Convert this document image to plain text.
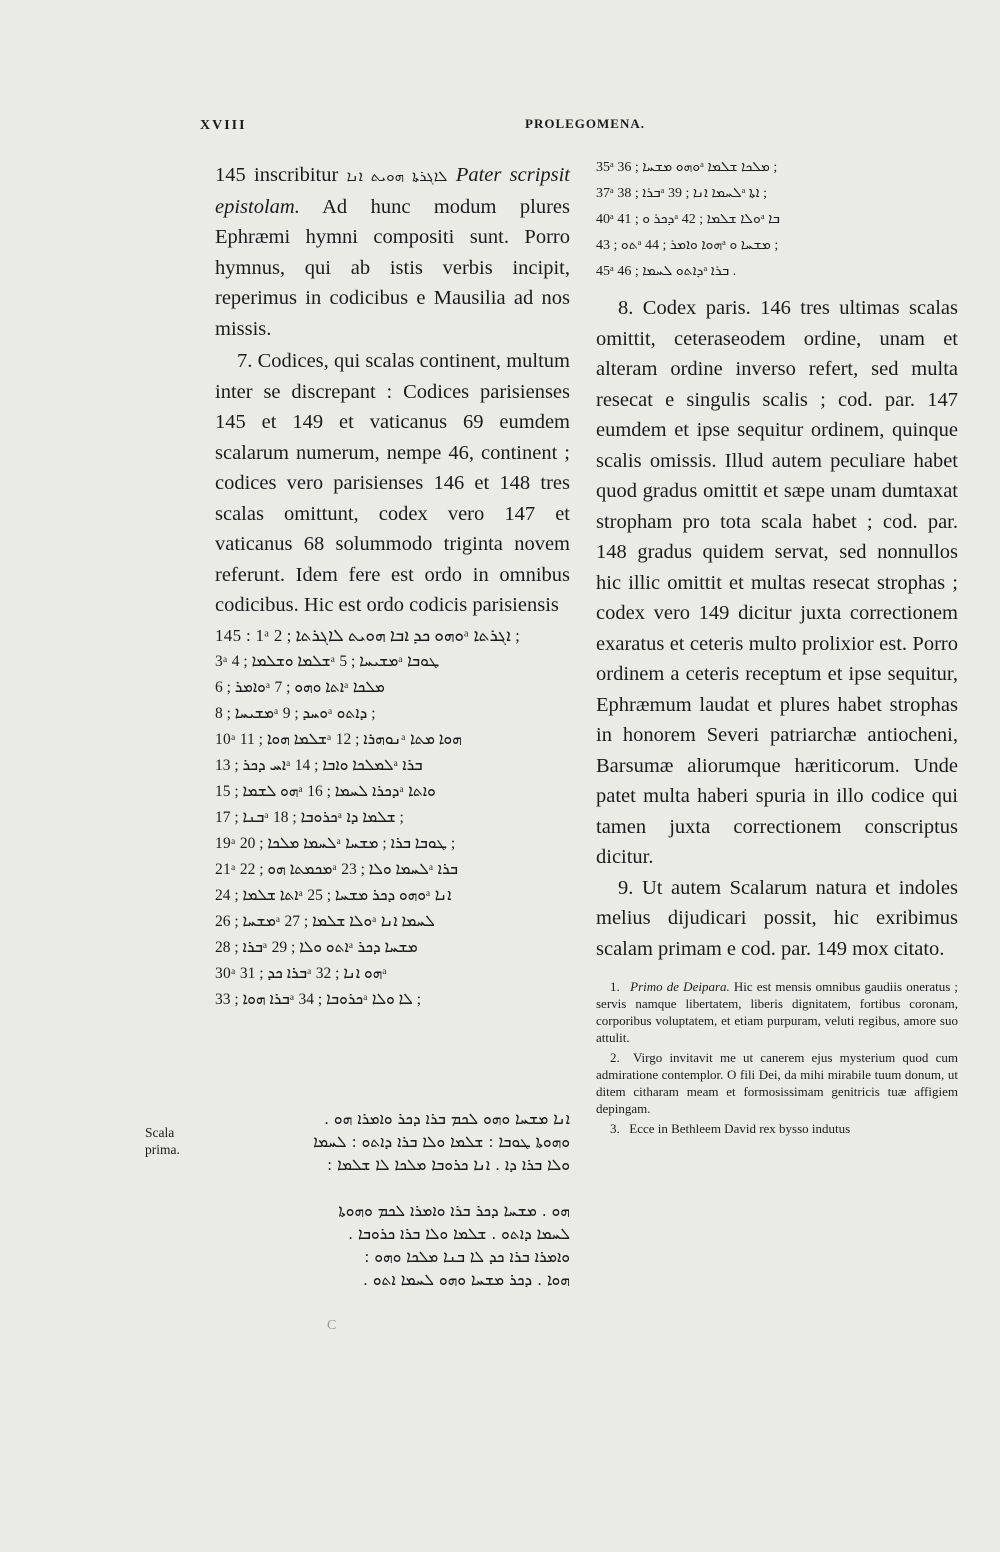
XVIII	PROLEGOMENA.

145 inscribitur ܠܐܓܪܬܐ ܗܘܝܬ ܐܢܐ Pater scripsit epistolam. Ad hunc modum plures Ephræmi hymni compositi sunt. Porro hymnus, qui ab istis verbis incipit, reperimus in codicibus e Mausilia ad nos missis.

7. Codices, qui scalas continent, multum inter se discrepant : Codices parisienses 145 et 149 et vaticanus 69 eumdem scalarum numerum, nempe 46, continent ; codices vero parisienses 146 et 148 tres scalas omittunt, codex vero 147 et vaticanus 68 solummodo triginta novem referunt. Idem fere est ordo in omnibus codicibus. Hic est ordo codicis parisiensis

145 : 1ᵃ ܘܗܘ ܟܕ ܐܒܐ ܗܘܝܬ ܠܐܓܪܬܐ ; 2ᵃ ܐܓܪܬܐ ;
3ᵃ ܫܠܡܐ ܘܫܠܡܐ ; 4ᵃ ܡܫܝܚܐ ; 5ᵃ ܛܘܒܐ
ܘܐܡܪ ; 6ᵃ ܐܬܐ ܘܗܘ ; 7ᵃ ܡܠܟܐ
ܡܫܝܚܐ ; 8ᵃ ܘܚܕ ; 9ᵃ ܕܐܬܘ ;
10ᵃ ܫܠܡܐ ܗܘܐ ; 11ᵃ ܢܘܗܪܐ ; 12ᵃ ܗܘܐ ܡܬܐ
ܐܚ ܕܟܪ ; 13ᵃ ܠܡܠܟܐ ܘܐܒܐ ; 14ᵃ ܒܪܐ
ܗܘ ܠܫܡܐ ; 15ᵃ ܕܟܪܐ ܠܚܡܐ ; 16ᵃ ܘܐܬܐ
ܒܢܐ ; 17ᵃ ܟܪܘܒܐ ; 18ᵃ ܫܠܡܐ ܕܐ ;
19ᵃ ܠܚܡܐ ܡܠܟܐ ; 20ᵃ ܛܘܒܐ ܒܪܐ ; ܡܫܚܐ ;
21ᵃ ܡܟܡܬܐ ܗܘ ; 22ᵃ ܠܚܡܐ ܘܠܐ ; 23ᵃ ܒܪܐ
ܐܬܐ ܫܠܡܐ ; 24ᵃ ܘܗܘ ܕܟܪ ܡܫܚܐ ; 25ᵃ ܐܢܐ
ܡܫܚܐ ; 26ᵃ ܘܠܐ ܫܠܡܐ ; 27ᵃ ܠܚܡܐ ܐܢܐ
ܒܪܐ ; 28ᵃ ܐܬܘ ܘܠܐ ; 29ᵃ ܡܫܚܐ ܕܟܪ
30ᵃ ܒܪܐ ܟܕ ; 31ᵃ ܗܘ ܐܢܐ ; 32ᵃ
ܒܪܐ ܗܘܐ ; 33ᵃ ܟܪܘܒܐ ; 34ᵃ ܠܐ ܘܠܐ ;
Scala prima.
ܐܢܐ ܡܫܚܐ ܘܗܘ ܠܟܡ ܒܪܐ ܕܟܪ ܘܐܡܪܐ ܗܘ .
ܘܗܘܬܐ ܛܘܒܐ : ܫܠܡܐ ܘܠܐ ܒܪܐ ܕܐܬܘ : ܠܚܡܐ
ܘܠܐ ܒܪܐ ܕܐ . ܐܢܐ ܟܪܘܒܐ ܡܠܟܐ ܠܐ ܫܠܡܐ :
ܗܘ . ܡܫܚܐ ܕܟܪ ܒܪܐ ܘܐܡܪܐ ܠܟܡ ܘܗܘܬܐ
ܠܚܡܐ ܕܐܬܘ . ܫܠܡܐ ܘܠܐ ܒܪܐ ܟܪܘܒܐ .
ܘܐܡܪܐ ܒܪܐ ܟܕ ܠܐ ܒܢܐ ܡܠܟܐ ܘܗܘ :
ܗܘܐ . ܕܟܪ ܡܫܚܐ ܘܗܘ ܠܚܡܐ ܐܬܘ .
C
35ᵃ ܘܗܘ ܡܫܚܐ ; 36ᵃ ܡܠܟܐ ܫܠܡܐ ;
37ᵃ ܒܪܐ ; 38ᵃ ܠܚܡܐ ܐܢܐ ; 39ᵃ ܐܬܐ ;
40ᵃ ܕܟܪ ܘ ; 41ᵃ ܘܠܐ ܫܠܡܐ ; 42ᵃ ܒܐ
ܬܘ ; 43ᵃ ܗܘܐ ܘܐܡܪ ; 44ᵃ ܡܫܚܐ ܘ ;
45ᵃ ܕܐܬܘ ܠܚܡܐ ; 46ᵃ ܒܪܐ .

8. Codex paris. 146 tres ultimas scalas omittit, ceteraseodem ordine, unam et alteram ordine inverso refert, sed multa resecat e singulis scalis ; cod. par. 147 eumdem et ipse sequitur ordinem, quinque scalis omissis. Illud autem peculiare habet quod gradus omittit et sæpe unam dumtaxat stropham pro tota scala habet ; cod. par. 148 gradus quidem servat, sed nonnullos hic illic omittit et multas resecat strophas ; codex vero 149 dicitur juxta correctionem exaratus et ceteris multo prolixior est. Porro ordinem a ceteris receptum et ipse sequitur, Ephræmum laudat et plures habet strophas in honorem Severi patriarchæ antiocheni, Barsumæ aliorumque hæriticorum. Unde patet multa haberi spuria in illo codice qui tamen juxta correctionem conscriptus dicitur.

9. Ut autem Scalarum natura et indoles melius dijudicari possit, hic exribimus scalam primam e cod. par. 149 mox citato.

1. Primo de Deipara. Hic est mensis omnibus gaudiis oneratus ; servis namque libertatem, liberis dignitatem, fortibus coronam, corporibus voluptatem, et etiam purpuram, veluti regibus, amore suo attulit.

2. Virgo invitavit me ut canerem ejus mysterium quod cum admiratione contemplor. O fili Dei, da mihi mirabile tuum donum, ut ditem citharam meam et formosissimam genitricis tuæ affigiem depingam.

3. Ecce in Bethleem David rex bysso indutus
